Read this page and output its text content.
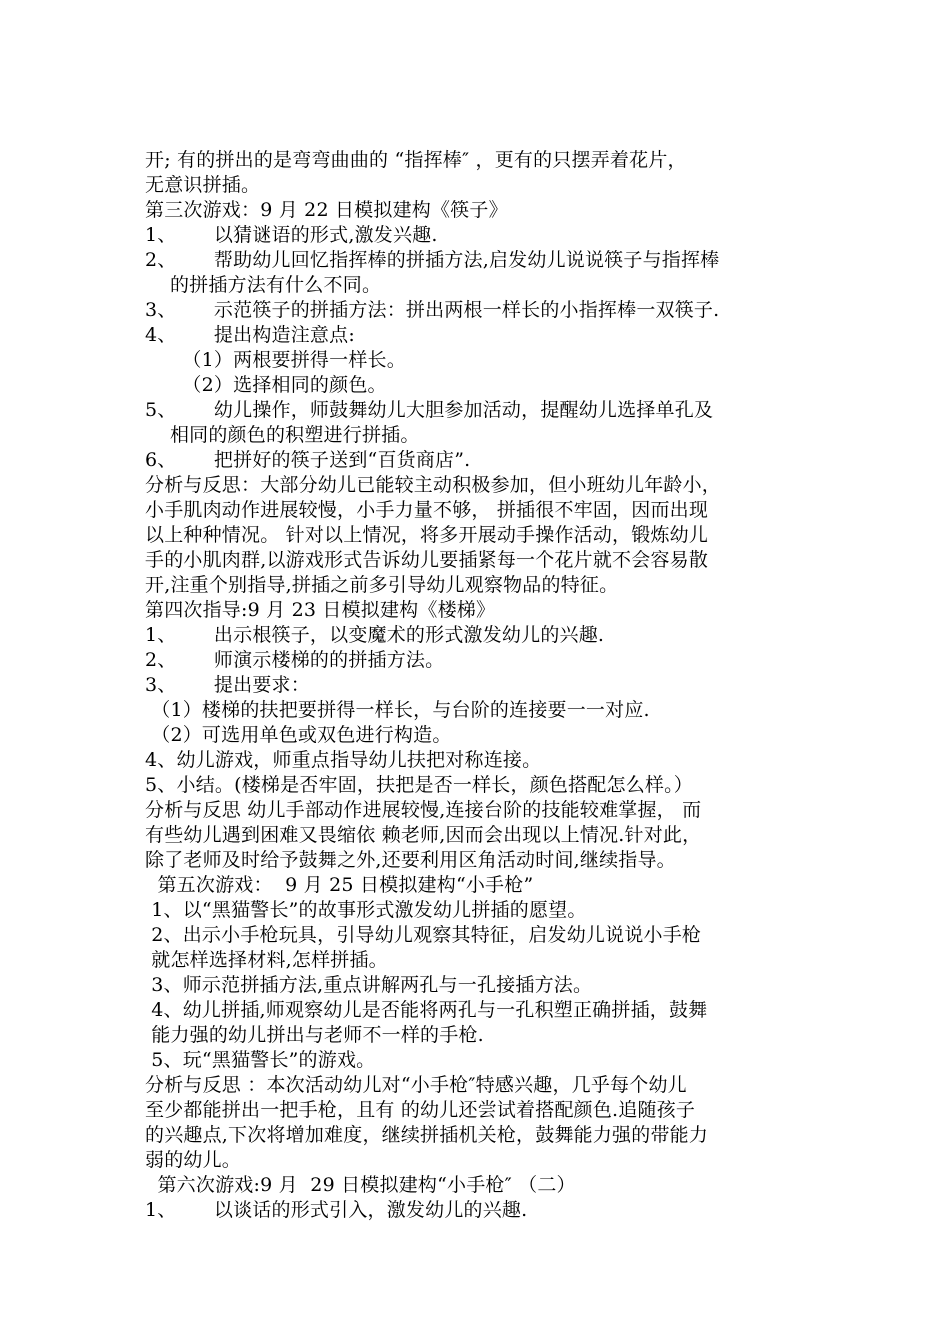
开; 有的拼出的是弯弯曲曲的 “指挥棒″ ，更有的只摆弄着花片，
无意识拼插。
第三次游戏：9 月 22 日模拟建构《筷子》
1、      以猜谜语的形式,激发兴趣.
2、      帮助幼儿回忆指挥棒的拼插方法,启发幼儿说说筷子与指挥棒
的拼插方法有什么不同。
3、      示范筷子的拼插方法：拼出两根一样长的小指挥棒一双筷子.
4、      提出构造注意点:
（1）两根要拼得一样长。
（2）选择相同的颜色。
5、      幼儿操作，师鼓舞幼儿大胆参加活动，提醒幼儿选择单孔及
相同的颜色的积塑进行拼插。
6、      把拼好的筷子送到“百货商店”.
分析与反思：大部分幼儿已能较主动积极参加，但小班幼儿年龄小，
小手肌肉动作进展较慢，小手力量不够， 拼插很不牢固，因而出现
以上种种情况。 针对以上情况，将多开展动手操作活动，锻炼幼儿
手的小肌肉群,以游戏形式告诉幼儿要插紧每一个花片就不会容易散
开,注重个别指导,拼插之前多引导幼儿观察物品的特征。
第四次指导:9 月 23 日模拟建构《楼梯》
1、      出示根筷子，以变魔术的形式激发幼儿的兴趣.
2、      师演示楼梯的的拼插方法。
3、      提出要求：
（1）楼梯的扶把要拼得一样长，与台阶的连接要一一对应.
（2）可选用单色或双色进行构造。
4、幼儿游戏，师重点指导幼儿扶把对称连接。
5、小结。(楼梯是否牢固，扶把是否一样长，颜色搭配怎么样。）
分析与反思 幼儿手部动作进展较慢,连接台阶的技能较难掌握， 而
有些幼儿遇到困难又畏缩依 赖老师,因而会出现以上情况.针对此，
除了老师及时给予鼓舞之外,还要利用区角活动时间,继续指导。
第五次游戏：  9 月 25 日模拟建构“小手枪”
1、以“黑猫警长”的故事形式激发幼儿拼插的愿望。
2、出示小手枪玩具，引导幼儿观察其特征，启发幼儿说说小手枪
就怎样选择材料,怎样拼插。
3、师示范拼插方法,重点讲解两孔与一孔接插方法。
4、幼儿拼插,师观察幼儿是否能将两孔与一孔积塑正确拼插，鼓舞
能力强的幼儿拼出与老师不一样的手枪.
5、玩“黑猫警长”的游戏。
分析与反思 ：本次活动幼儿对“小手枪″特感兴趣，几乎每个幼儿
至少都能拼出一把手枪，且有 的幼儿还尝试着搭配颜色.追随孩子
的兴趣点,下次将增加难度，继续拼插机关枪，鼓舞能力强的带能力
弱的幼儿。
第六次游戏:9 月  29 日模拟建构“小手枪″ （二）
1、      以谈话的形式引入，激发幼儿的兴趣.
